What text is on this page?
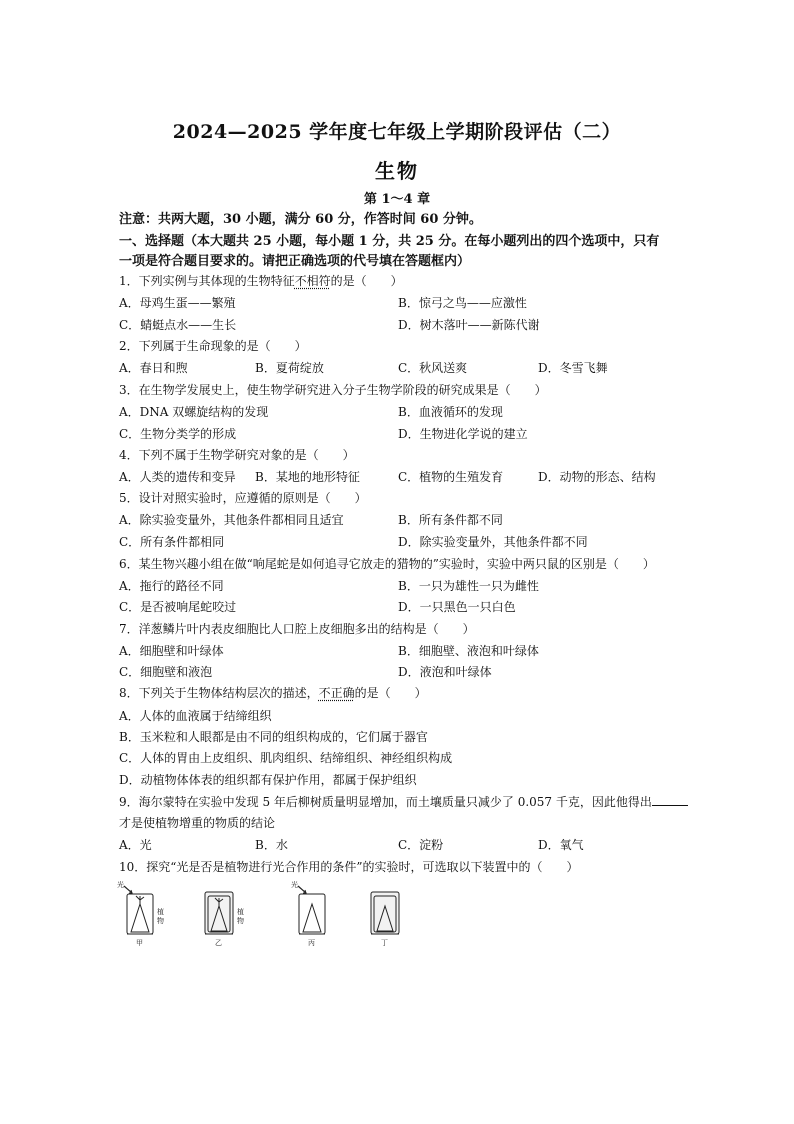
2024—2025 学年度七年级上学期阶段评估（二）
生物
第 1～4 章
注意：共两大题，30 小题，满分 60 分，作答时间 60 分钟。
一、选择题（本大题共 25 小题，每小题 1 分，共 25 分。在每小题列出的四个选项中，只有
一项是符合题目要求的。请把正确选项的代号填在答题框内）
1．下列实例与其体现的生物特征不相符的是（　　）
A．母鸡生蛋——繁殖	B．惊弓之鸟——应激性
C．蜻蜓点水——生长	D．树木落叶——新陈代谢
2．下列属于生命现象的是（　　）
A．春日和煦	B．夏荷绽放	C．秋风送爽	D．冬雪飞舞
3．在生物学发展史上，使生物学研究进入分子生物学阶段的研究成果是（　　）
A．DNA 双螺旋结构的发现	B．血液循环的发现
C．生物分类学的形成	D．生物进化学说的建立
4．下列不属于生物学研究对象的是（　　）
A．人类的遗传和变异 B．某地的地形特征	C．植物的生殖发育	D．动物的形态、结构
5．设计对照实验时，应遵循的原则是（　　）
A．除实验变量外，其他条件都相同且适宜	B．所有条件都不同
C．所有条件都相同	D．除实验变量外，其他条件都不同
6．某生物兴趣小组在做“响尾蛇是如何追寻它放走的猎物的”实验时，实验中两只鼠的区别是（　　）
A．拖行的路径不同	B．一只为雄性一只为雌性
C．是否被响尾蛇咬过	D．一只黑色一只白色
7．洋葱鳞片叶内表皮细胞比人口腔上皮细胞多出的结构是（　　）
A．细胞壁和叶绿体	B．细胞壁、液泡和叶绿体
C．细胞壁和液泡	D．液泡和叶绿体
8．下列关于生物体结构层次的描述，不正确的是（　　）
A．人体的血液属于结缔组织
B．玉米粒和人眼都是由不同的组织构成的，它们属于器官
C．人体的胃由上皮组织、肌肉组织、结缔组织、神经组织构成
D．动植物体体表的组织都有保护作用，都属于保护组织
9．海尔蒙特在实验中发现 5 年后柳树质量明显增加，而土壤质量只减少了 0.057 千克，因此他得出
才是使植物增重的物质的结论
A．光	B．水	C．淀粉	D．氧气
10．探究“光是否是植物进行光合作用的条件”的实验时，可选取以下装置中的（　　）
光
植
物
甲
植
物
乙
光
丙	丁
